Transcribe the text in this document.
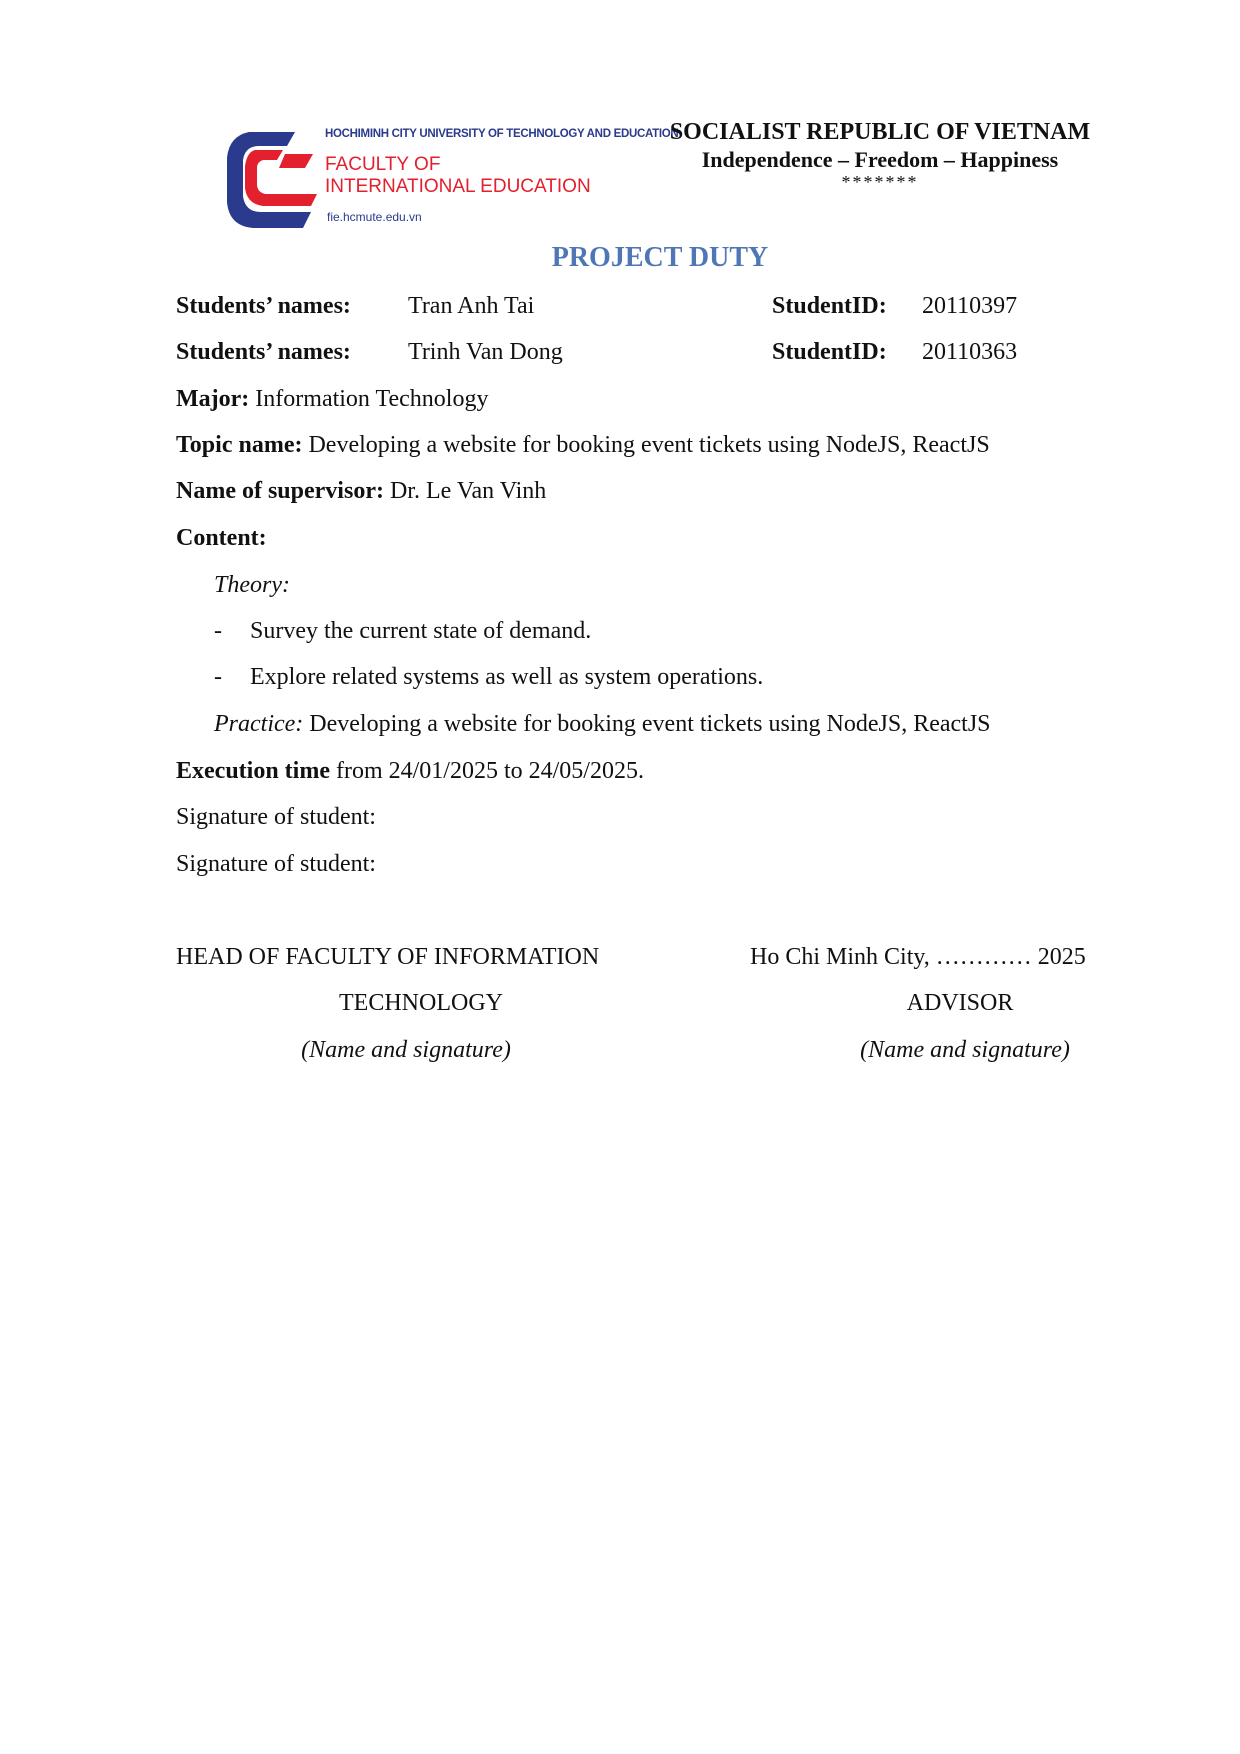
HOCHIMINH CITY UNIVERSITY OF TECHNOLOGY AND EDUCATION
FACULTY OF
INTERNATIONAL EDUCATION
fie.hcmute.edu.vn
SOCIALIST REPUBLIC OF VIETNAM
Independence – Freedom – Happiness
*******
PROJECT DUTY
Students’ names: Tran Anh Tai	StudentID: 20110397
Students’ names: Trinh Van Dong	StudentID: 20110363
Major: Information Technology
Topic name: Developing a website for booking event tickets using NodeJS, ReactJS
Name of supervisor: Dr. Le Van Vinh
Content:
Theory:
- Survey the current state of demand.
- Explore related systems as well as system operations.
Practice: Developing a website for booking event tickets using NodeJS, ReactJS
Execution time from 24/01/2025 to 24/05/2025.
Signature of student:
Signature of student:
HEAD OF FACULTY OF INFORMATION
TECHNOLOGY
(Name and signature)
Ho Chi Minh City, ………… 2025
ADVISOR
(Name and signature)
